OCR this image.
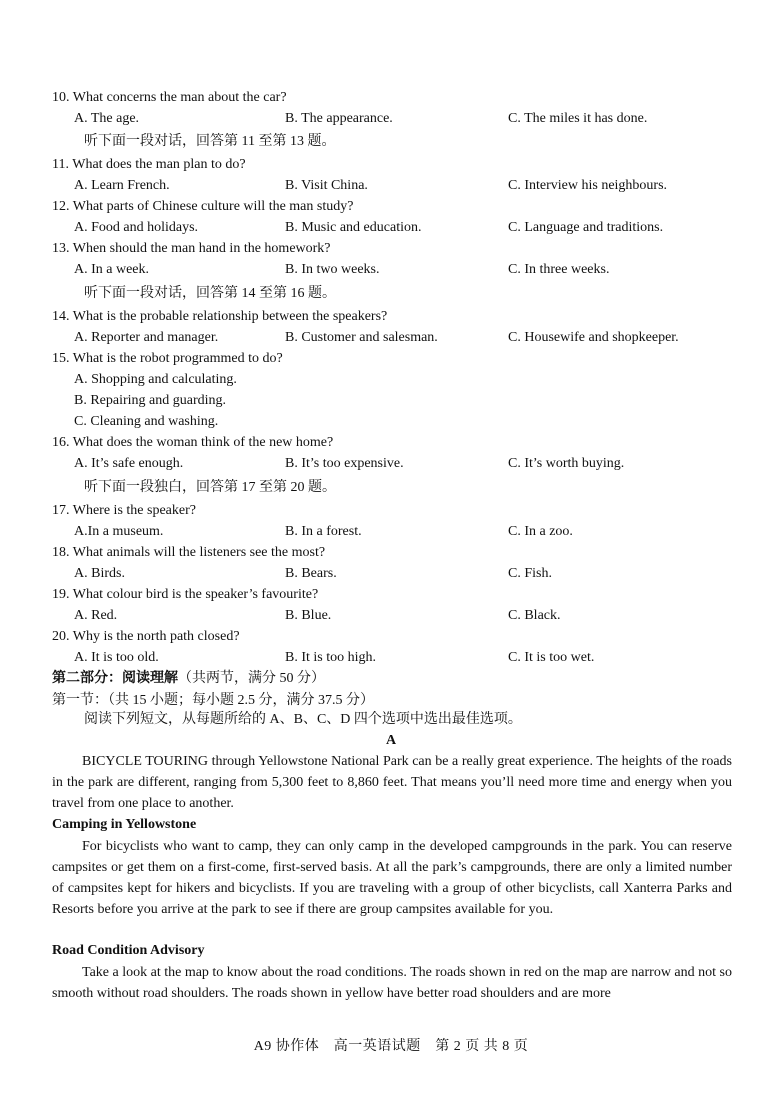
10. What concerns the man about the car?
A. The age.	B. The appearance.	C. The miles it has done.
听下面一段对话，回答第 11 至第 13 题。
11. What does the man plan to do?
A. Learn French.	B. Visit China.	C. Interview his neighbours.
12. What parts of Chinese culture will the man study?
A. Food and holidays.	B. Music and education.	C. Language and traditions.
13. When should the man hand in the homework?
A. In a week.	B. In two weeks.	C. In three weeks.
听下面一段对话，回答第 14 至第 16 题。
14. What is the probable relationship between the speakers?
A. Reporter and manager.	B. Customer and salesman.	C. Housewife and shopkeeper.
15. What is the robot programmed to do?
A. Shopping and calculating.
B. Repairing and guarding.
C. Cleaning and washing.
16. What does the woman think of the new home?
A. It’s safe enough.	B. It’s too expensive.	C. It’s worth buying.
听下面一段独白，回答第 17 至第 20 题。
17. Where is the speaker?
A.In a museum.	B. In a forest.	C. In a zoo.
18. What animals will the listeners see the most?
A. Birds.	B. Bears.	C. Fish.
19. What colour bird is the speaker’s favourite?
A. Red.	B. Blue.	C. Black.
20. Why is the north path closed?
A. It is too old.	B. It is too high.	C. It is too wet.
第二部分：阅读理解（共两节，满分 50 分）
第一节：（共 15 小题；每小题 2.5 分，满分 37.5 分）
阅读下列短文，从每题所给的 A、B、C、D 四个选项中选出最佳选项。
A
BICYCLE TOURING through Yellowstone National Park can be a really great experience. The heights of the roads in the park are different, ranging from 5,300 feet to 8,860 feet. That means you’ll need more time and energy when you travel from one place to another.
Camping in Yellowstone
For bicyclists who want to camp, they can only camp in the developed campgrounds in the park. You can reserve campsites or get them on a first-come, first-served basis. At all the park’s campgrounds, there are only a limited number of campsites kept for hikers and bicyclists. If you are traveling with a group of other bicyclists, call Xanterra Parks and Resorts before you arrive at the park to see if there are group campsites available for you.
Road Condition Advisory
Take a look at the map to know about the road conditions. The roads shown in red on the map are narrow and not so smooth without road shoulders. The roads shown in yellow have better road shoulders and are more
A9 协作体　高一英语试题　第 2 页 共 8 页
